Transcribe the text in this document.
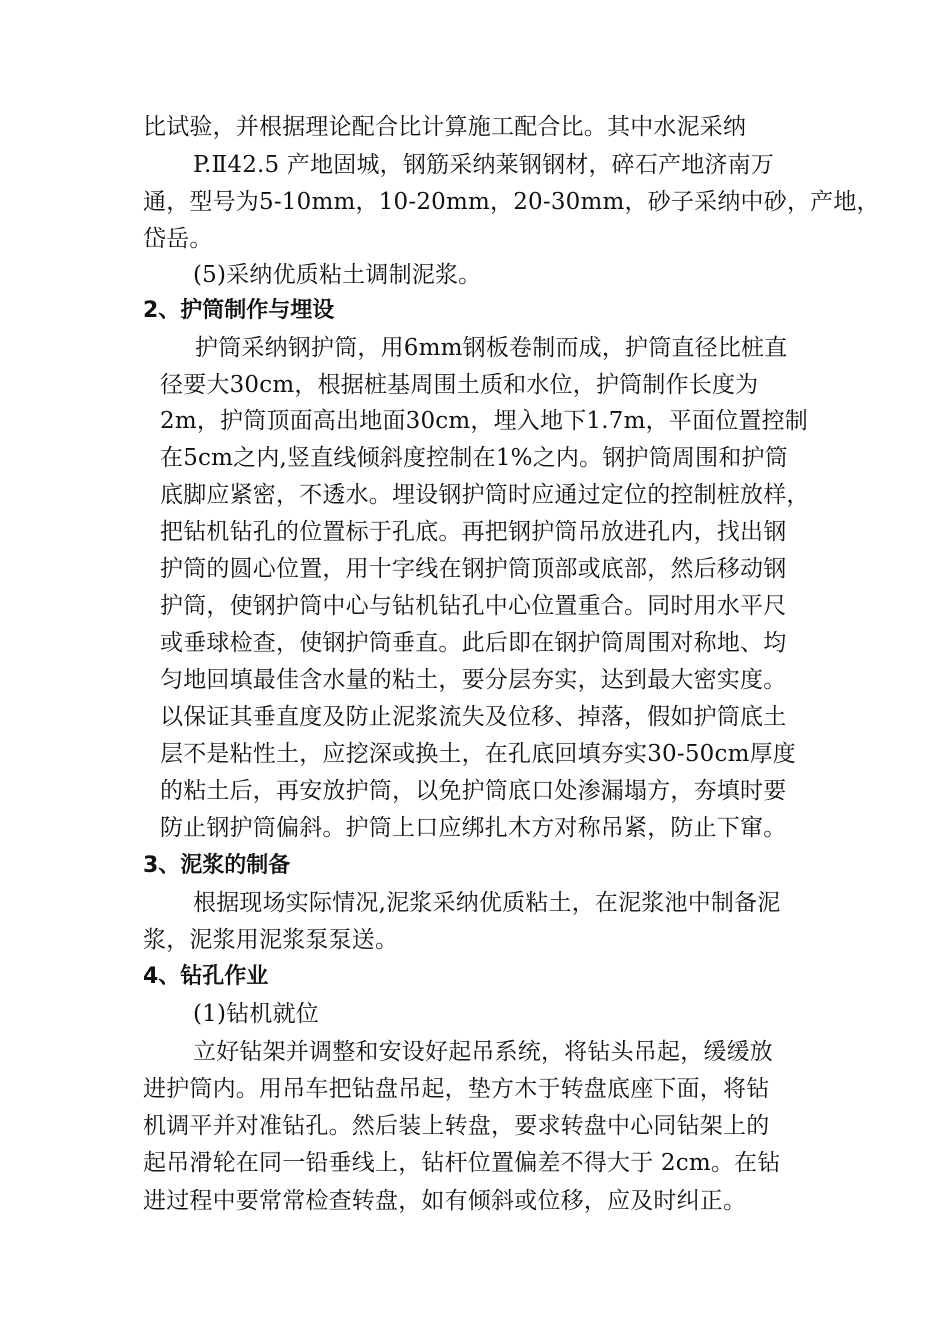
比试验，并根据理论配合比计算施工配合比。其中水泥采纳
P.Ⅱ42.5 产地固城，钢筋采纳莱钢钢材，碎石产地济南万
通，型号为5-10mm，10-20mm，20-30mm，砂子采纳中砂，产地，
岱岳。
(5)采纳优质粘土调制泥浆。
2、护筒制作与埋设
护筒采纳钢护筒，用6mm钢板卷制而成，护筒直径比桩直
径要大30cm，根据桩基周围土质和水位，护筒制作长度为
2m，护筒顶面高出地面30cm，埋入地下1.7m，平面位置控制
在5cm之内,竖直线倾斜度控制在1%之内。钢护筒周围和护筒
底脚应紧密，不透水。埋设钢护筒时应通过定位的控制桩放样，
把钻机钻孔的位置标于孔底。再把钢护筒吊放进孔内，找出钢
护筒的圆心位置，用十字线在钢护筒顶部或底部，然后移动钢
护筒，使钢护筒中心与钻机钻孔中心位置重合。同时用水平尺
或垂球检查，使钢护筒垂直。此后即在钢护筒周围对称地、均
匀地回填最佳含水量的粘土，要分层夯实，达到最大密实度。
以保证其垂直度及防止泥浆流失及位移、掉落，假如护筒底土
层不是粘性土，应挖深或换土，在孔底回填夯实30-50cm厚度
的粘土后，再安放护筒，以免护筒底口处渗漏塌方，夯填时要
防止钢护筒偏斜。护筒上口应绑扎木方对称吊紧，防止下窜。
3、泥浆的制备
根据现场实际情况,泥浆采纳优质粘土，在泥浆池中制备泥
浆，泥浆用泥浆泵泵送。
4、钻孔作业
(1)钻机就位
立好钻架并调整和安设好起吊系统，将钻头吊起，缓缓放
进护筒内。用吊车把钻盘吊起，垫方木于转盘底座下面，将钻
机调平并对准钻孔。然后装上转盘，要求转盘中心同钻架上的
起吊滑轮在同一铅垂线上，钻杆位置偏差不得大于 2cm。在钻
进过程中要常常检查转盘，如有倾斜或位移，应及时纠正。
